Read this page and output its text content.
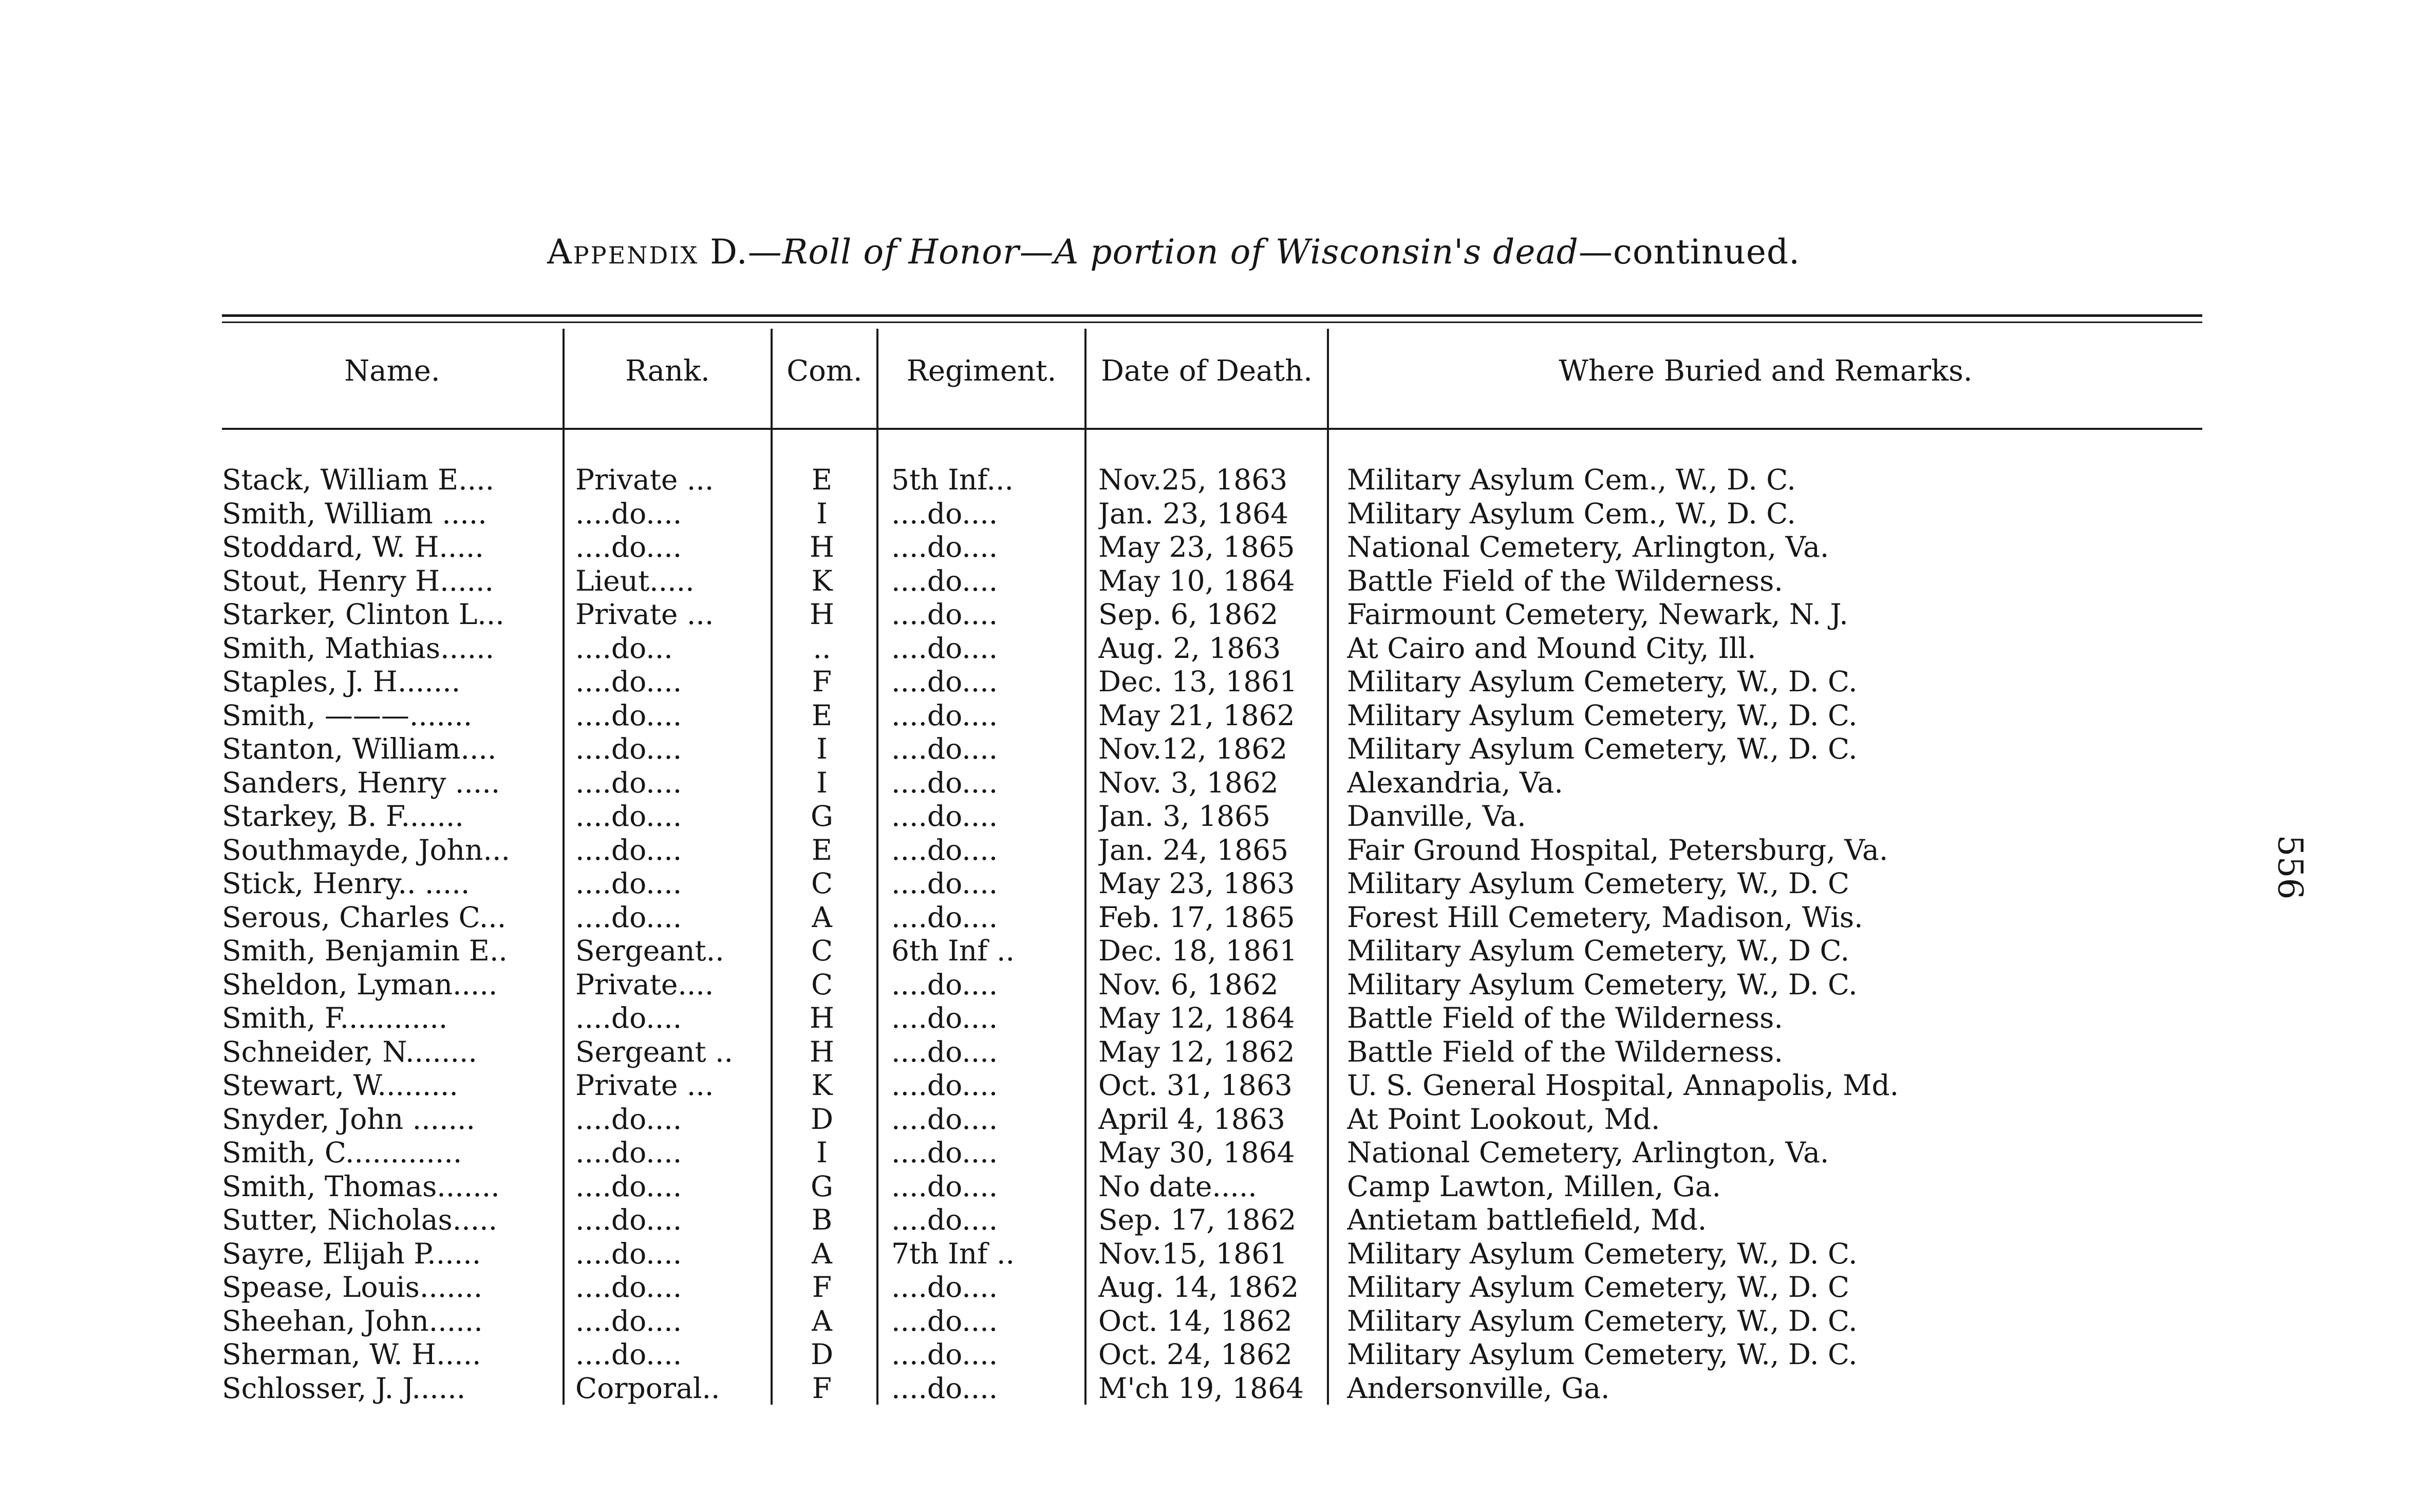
Appendix D.—Roll of Honor—A portion of Wisconsin's dead—continued.
Name.	Rank.	Com.	Regiment.	Date of Death.	Where Buried and Remarks.
Stack, William E....	Private ...	E	5th Inf...	Nov.25, 1863	Military Asylum Cem., W., D. C.
Smith, William .....	....do....	I	....do....	Jan. 23, 1864	Military Asylum Cem., W., D. C.
Stoddard, W. H.....	....do....	H	....do....	May 23, 1865	National Cemetery, Arlington, Va.
Stout, Henry H......	Lieut.....	K	....do....	May 10, 1864	Battle Field of the Wilderness.
Starker, Clinton L...	Private ...	H	....do....	Sep. 6, 1862	Fairmount Cemetery, Newark, N. J.
Smith, Mathias......	....do...	..	....do....	Aug. 2, 1863	At Cairo and Mound City, Ill.
Staples, J. H.......	....do....	F	....do....	Dec. 13, 1861	Military Asylum Cemetery, W., D. C.
Smith, ———.......	....do....	E	....do....	May 21, 1862	Military Asylum Cemetery, W., D. C.
Stanton, William....	....do....	I	....do....	Nov.12, 1862	Military Asylum Cemetery, W., D. C.
Sanders, Henry .....	....do....	I	....do....	Nov. 3, 1862	Alexandria, Va.
Starkey, B. F.......	....do....	G	....do....	Jan. 3, 1865	Danville, Va.
Southmayde, John...	....do....	E	....do....	Jan. 24, 1865	Fair Ground Hospital, Petersburg, Va.
Stick, Henry.. .....	....do....	C	....do....	May 23, 1863	Military Asylum Cemetery, W., D. C
Serous, Charles C...	....do....	A	....do....	Feb. 17, 1865	Forest Hill Cemetery, Madison, Wis.
Smith, Benjamin E..	Sergeant..	C	6th Inf ..	Dec. 18, 1861	Military Asylum Cemetery, W., D C.
Sheldon, Lyman.....	Private....	C	....do....	Nov. 6, 1862	Military Asylum Cemetery, W., D. C.
Smith, F............	....do....	H	....do....	May 12, 1864	Battle Field of the Wilderness.
Schneider, N........	Sergeant ..	H	....do....	May 12, 1862	Battle Field of the Wilderness.
Stewart, W.........	Private ...	K	....do....	Oct. 31, 1863	U. S. General Hospital, Annapolis, Md.
Snyder, John .......	....do....	D	....do....	April 4, 1863	At Point Lookout, Md.
Smith, C.............	....do....	I	....do....	May 30, 1864	National Cemetery, Arlington, Va.
Smith, Thomas.......	....do....	G	....do....	No date.....	Camp Lawton, Millen, Ga.
Sutter, Nicholas.....	....do....	B	....do....	Sep. 17, 1862	Antietam battlefield, Md.
Sayre, Elijah P......	....do....	A	7th Inf ..	Nov.15, 1861	Military Asylum Cemetery, W., D. C.
Spease, Louis.......	....do....	F	....do....	Aug. 14, 1862	Military Asylum Cemetery, W., D. C
Sheehan, John......	....do....	A	....do....	Oct. 14, 1862	Military Asylum Cemetery, W., D. C.
Sherman, W. H.....	....do....	D	....do....	Oct. 24, 1862	Military Asylum Cemetery, W., D. C.
Schlosser, J. J......	Corporal..	F	....do....	M'ch 19, 1864 Andersonville, Ga.
556
